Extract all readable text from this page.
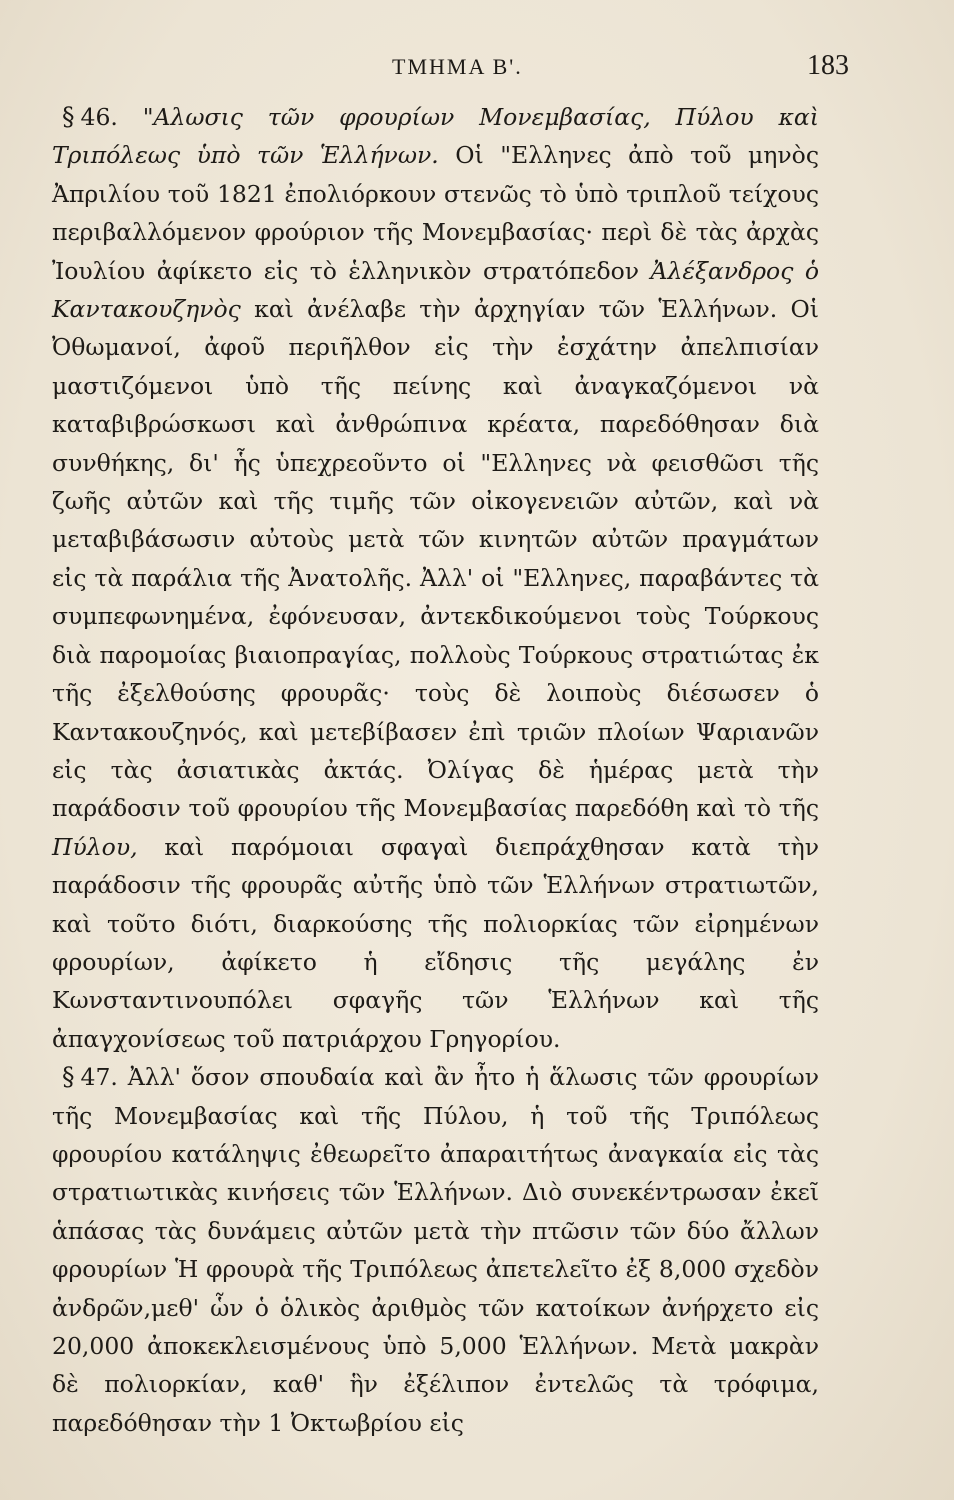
ΤΜΗΜΑ Β'.	183

§ 46. "Αλωσις τῶν φρουρίων Μονεμβασίας, Πύλου καὶ Τριπόλεως ὑπὸ τῶν Ἑλλήνων. Οἱ "Ελληνες ἀπὸ τοῦ μηνὸς Ἀπριλίου τοῦ 1821 ἐπολιόρκουν στενῶς τὸ ὑπὸ τριπλοῦ τείχους περιβαλλόμενον φρούριον τῆς Μονεμβασίας· περὶ δὲ τὰς ἀρχὰς Ἰουλίου ἀφίκετο εἰς τὸ ἑλληνικὸν στρατόπεδον Ἀλέξανδρος ὁ Καντακουζηνὸς καὶ ἀνέλαβε τὴν ἀρχηγίαν τῶν Ἑλλήνων. Οἱ Ὀθωμανοί, ἀφοῦ περιῆλθον εἰς τὴν ἐσχάτην ἀπελπισίαν μαστιζόμενοι ὑπὸ τῆς πείνης καὶ ἀναγκαζόμενοι νὰ καταβιβρώσκωσι καὶ ἀνθρώπινα κρέατα, παρεδόθησαν διὰ συνθήκης, δι' ἧς ὑπεχρεοῦντο οἱ "Ελληνες νὰ φεισθῶσι τῆς ζωῆς αὐτῶν καὶ τῆς τιμῆς τῶν οἰκογενειῶν αὐτῶν, καὶ νὰ μεταβιβάσωσιν αὐτοὺς μετὰ τῶν κινητῶν αὐτῶν πραγμάτων εἰς τὰ παράλια τῆς Ἀνατολῆς. Ἀλλ' οἱ "Ελληνες, παραβάντες τὰ συμπεφωνημένα, ἐφόνευσαν, ἀντεκδικούμενοι τοὺς Τούρκους διὰ παρομοίας βιαιοπραγίας, πολλοὺς Τούρκους στρατιώτας ἐκ τῆς ἐξελθούσης φρουρᾶς· τοὺς δὲ λοιποὺς διέσωσεν ὁ Καντακουζηνός, καὶ μετεβίβασεν ἐπὶ τριῶν πλοίων Ψαριανῶν εἰς τὰς ἀσιατικὰς ἀκτάς. Ὀλίγας δὲ ἡμέρας μετὰ τὴν παράδοσιν τοῦ φρουρίου τῆς Μονεμβασίας παρεδόθη καὶ τὸ τῆς Πύλου, καὶ παρόμοιαι σφαγαὶ διεπράχθησαν κατὰ τὴν παράδοσιν τῆς φρουρᾶς αὐτῆς ὑπὸ τῶν Ἑλλήνων στρατιωτῶν, καὶ τοῦτο διότι, διαρκούσης τῆς πολιορκίας τῶν εἰρημένων φρουρίων, ἀφίκετο ἡ εἴδησις τῆς μεγάλης ἐν Κωνσταντινουπόλει σφαγῆς τῶν Ἑλλήνων καὶ τῆς ἀπαγχονίσεως τοῦ πατριάρχου Γρηγορίου.

§ 47. Ἀλλ' ὅσον σπουδαία καὶ ἂν ἦτο ἡ ἅλωσις τῶν φρουρίων τῆς Μονεμβασίας καὶ τῆς Πύλου, ἡ τοῦ τῆς Τριπόλεως φρουρίου κατάληψις ἐθεωρεῖτο ἀπαραιτήτως ἀναγκαία εἰς τὰς στρατιωτικὰς κινήσεις τῶν Ἑλλήνων. Διὸ συνεκέντρωσαν ἐκεῖ ἁπάσας τὰς δυνάμεις αὐτῶν μετὰ τὴν πτῶσιν τῶν δύο ἄλλων φρουρίων Ἡ φρουρὰ τῆς Τριπόλεως ἀπετελεῖτο ἐξ 8,000 σχεδὸν ἀνδρῶν,μεθ' ὧν ὁ ὁλικὸς ἀριθμὸς τῶν κατοίκων ἀνήρχετο εἰς 20,000 ἀποκεκλεισμένους ὑπὸ 5,000 Ἑλλήνων. Μετὰ μακρὰν δὲ πολιορκίαν, καθ' ἣν ἐξέλιπον ἐντελῶς τὰ τρόφιμα, παρεδόθησαν τὴν 1 Ὀκτωβρίου εἰς
